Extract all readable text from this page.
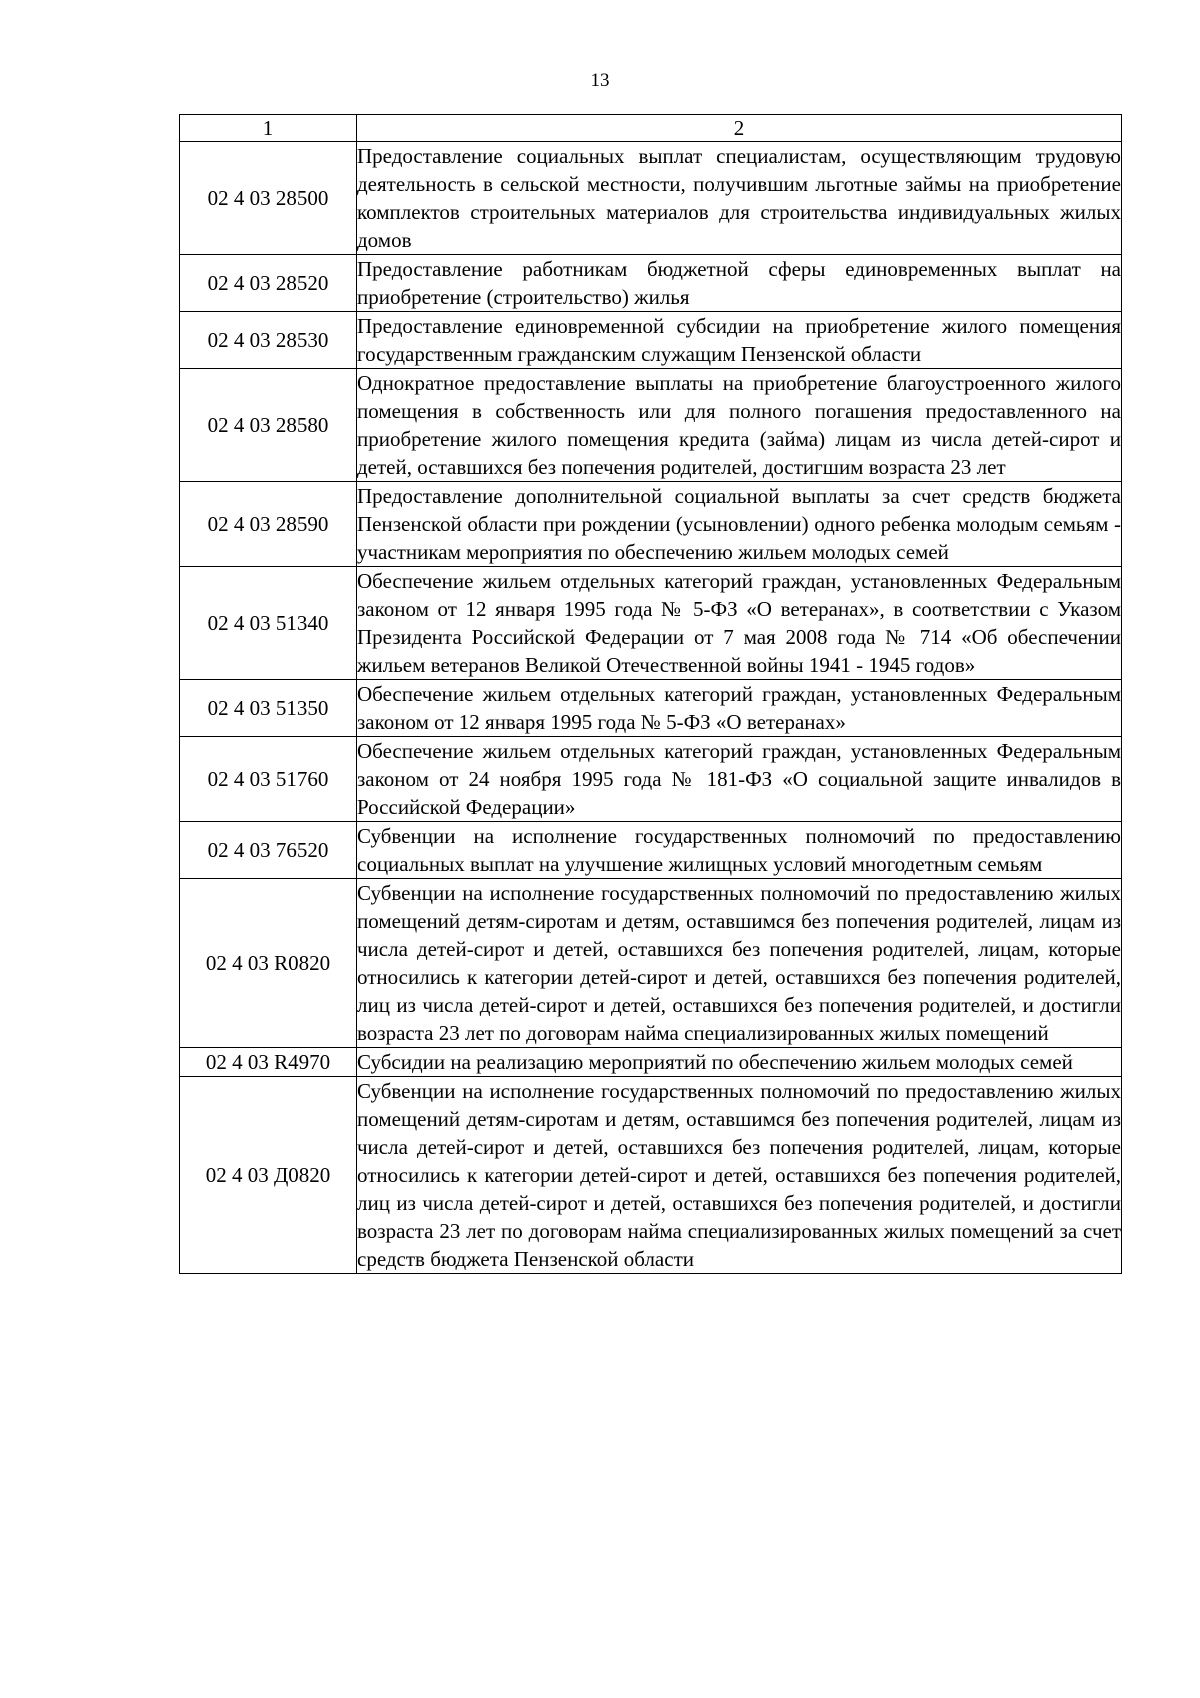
13
1	2
02 4 03 28500	Предоставление социальных выплат специалистам, осуществляющим трудовую деятельность в сельской местности, получившим льготные займы на приобретение комплектов строительных материалов для строительства индивидуальных жилых домов
02 4 03 28520	Предоставление работникам бюджетной сферы единовременных выплат на приобретение (строительство) жилья
02 4 03 28530	Предоставление единовременной субсидии на приобретение жилого помещения государственным гражданским служащим Пензенской области
02 4 03 28580	Однократное предоставление выплаты на приобретение благоустроенного жилого помещения в собственность или для полного погашения предоставленного на приобретение жилого помещения кредита (займа) лицам из числа детей-сирот и детей, оставшихся без попечения родителей, достигшим возраста 23 лет
02 4 03 28590	Предоставление дополнительной социальной выплаты за счет средств бюджета Пензенской области при рождении (усыновлении) одного ребенка молодым семьям - участникам мероприятия по обеспечению жильем молодых семей
02 4 03 51340	Обеспечение жильем отдельных категорий граждан, установленных Федеральным законом от 12 января 1995 года № 5-ФЗ «О ветеранах», в соответствии с Указом Президента Российской Федерации от 7 мая 2008 года № 714 «Об обеспечении жильем ветеранов Великой Отечественной войны 1941 - 1945 годов»
02 4 03 51350	Обеспечение жильем отдельных категорий граждан, установленных Федеральным законом от 12 января 1995 года № 5-ФЗ «О ветеранах»
02 4 03 51760	Обеспечение жильем отдельных категорий граждан, установленных Федеральным законом от 24 ноября 1995 года № 181-ФЗ «О социальной защите инвалидов в Российской Федерации»
02 4 03 76520	Субвенции на исполнение государственных полномочий по предоставлению социальных выплат на улучшение жилищных условий многодетным семьям
02 4 03 R0820	Субвенции на исполнение государственных полномочий по предоставлению жилых помещений детям-сиротам и детям, оставшимся без попечения родителей, лицам из числа детей-сирот и детей, оставшихся без попечения родителей, лицам, которые относились к категории детей-сирот и детей, оставшихся без попечения родителей, лиц из числа детей-сирот и детей, оставшихся без попечения родителей, и достигли возраста 23 лет по договорам найма специализированных жилых помещений
02 4 03 R4970	Субсидии на реализацию мероприятий по обеспечению жильем молодых семей
02 4 03 Д0820	Субвенции на исполнение государственных полномочий по предоставлению жилых помещений детям-сиротам и детям, оставшимся без попечения родителей, лицам из числа детей-сирот и детей, оставшихся без попечения родителей, лицам, которые относились к категории детей-сирот и детей, оставшихся без попечения родителей, лиц из числа детей-сирот и детей, оставшихся без попечения родителей, и достигли возраста 23 лет по договорам найма специализированных жилых помещений за счет средств бюджета Пензенской области
